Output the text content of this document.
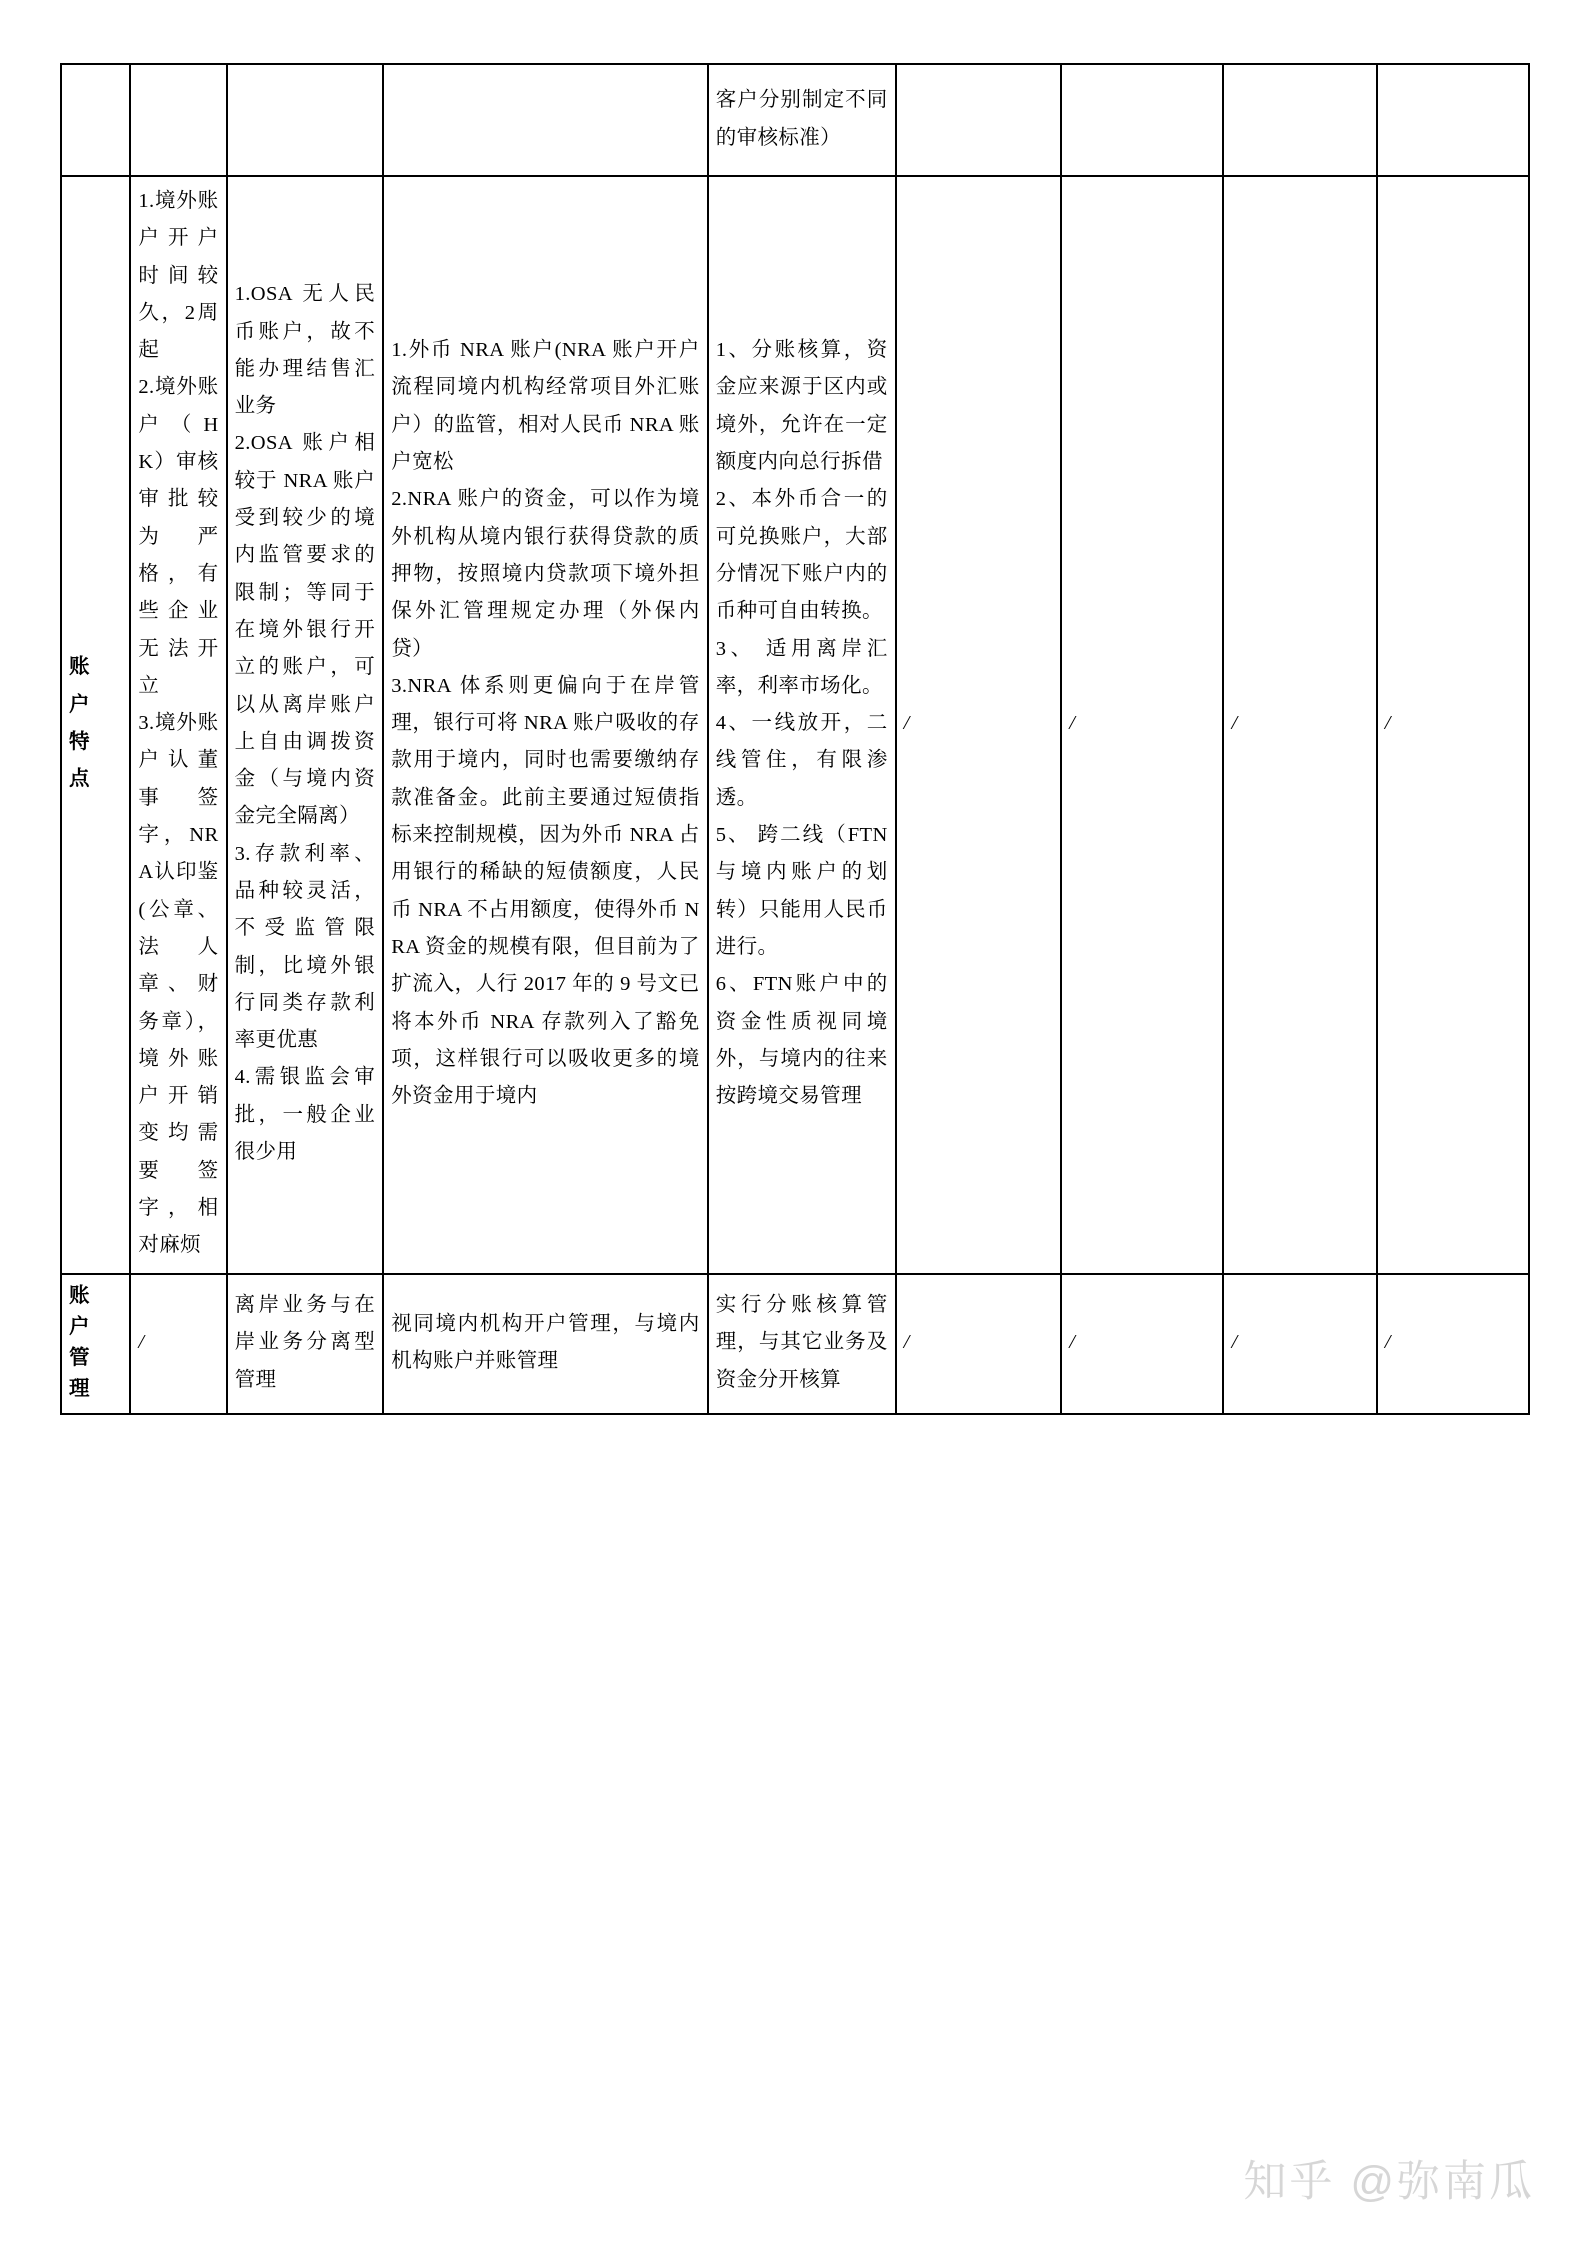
				客户分别制定不同的审核标准）				

账
户
特
点
	1.境外账户开户时间较久，2周起
2.境外账户（HK）审核审批较为严格，有些企业无法开立
3.境外账户认董事签字，NRA认印鉴(公章、法人章、财务章），境外账户开销变均需要签字，相对麻烦	1.OSA 无人民币账户，故不能办理结售汇业务
2.OSA 账户相较于 NRA 账户受到较少的境内监管要求的限制；等同于在境外银行开立的账户，可以从离岸账户上自由调拨资金（与境内资金完全隔离）
3.存款利率、品种较灵活，不受监管限制，比境外银行同类存款利率更优惠
4.需银监会审批，一般企业很少用	1.外币 NRA 账户(NRA 账户开户流程同境内机构经常项目外汇账户）的监管，相对人民币 NRA 账户宽松
2.NRA 账户的资金，可以作为境外机构从境内银行获得贷款的质押物，按照境内贷款项下境外担保外汇管理规定办理（外保内贷）
3.NRA 体系则更偏向于在岸管理，银行可将 NRA 账户吸收的存款用于境内，同时也需要缴纳存款准备金。此前主要通过短债指标来控制规模，因为外币 NRA 占用银行的稀缺的短债额度，人民币 NRA 不占用额度，使得外币 NRA 资金的规模有限，但目前为了扩流入，人行 2017 年的 9 号文已将本外币 NRA 存款列入了豁免项，这样银行可以吸收更多的境外资金用于境内	1、分账核算，资金应来源于区内或境外，允许在一定额度内向总行拆借
2、本外币合一的可兑换账户，大部分情况下账户内的币种可自由转换。
3、 适用离岸汇率，利率市场化。
4、一线放开，二线管住，有限渗透。
5、 跨二线（FTN 与境内账户的划转）只能用人民币进行。
6、FTN账户中的资金性质视同境外，与境内的往来按跨境交易管理	/	/	/	/

账
户
管
理	/	离岸业务与在岸业务分离型管理	视同境内机构开户管理，与境内机构账户并账管理	实行分账核算管理，与其它业务及资金分开核算	/	/	/	/
知乎 @弥南瓜
